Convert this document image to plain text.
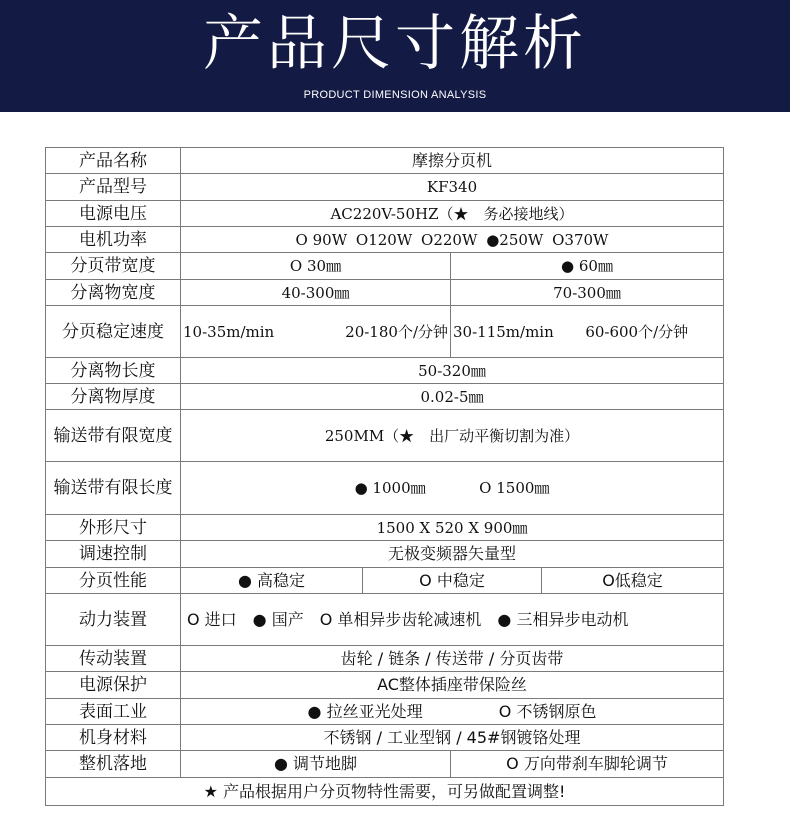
产品尺寸解析
PRODUCT DIMENSION ANALYSIS
产品名称	摩擦分页机			
产品型号	KF340			
电源电压	AC220V-50HZ（★　务必接地线）			
电机功率	O 90W O120W O220W ●250W O370W			
分页带宽度	O 30㎜		● 60㎜	
分离物宽度	40-300㎜		70-300㎜	
分页稳定速度	10-35m/min 20-180个/分钟		30-115m/min 60-600个/分钟	
分离物长度	50-320㎜			
分离物厚度	0.02-5㎜			
输送带有限宽度	250MM（★　出厂动平衡切割为准）			
输送带有限长度	● 1000㎜ O 1500㎜			
外形尺寸	1500 X 520 X 900㎜			
调速控制	无极变频器矢量型			
分页性能	● 高稳定	O 中稳定		O低稳定
动力装置	O 进口　● 国产　O 单相异步齿轮减速机　● 三相异步电动机			
传动装置	齿轮 / 链条 / 传送带 / 分页齿带			
电源保护	AC整体插座带保险丝			
表面工业	● 拉丝亚光处理 O 不锈钢原色			
机身材料	不锈钢 / 工业型钢 / 45#钢镀铬处理			
整机落地	● 调节地脚		O 万向带刹车脚轮调节	
★ 产品根据用户分页物特性需要，可另做配置调整!				
